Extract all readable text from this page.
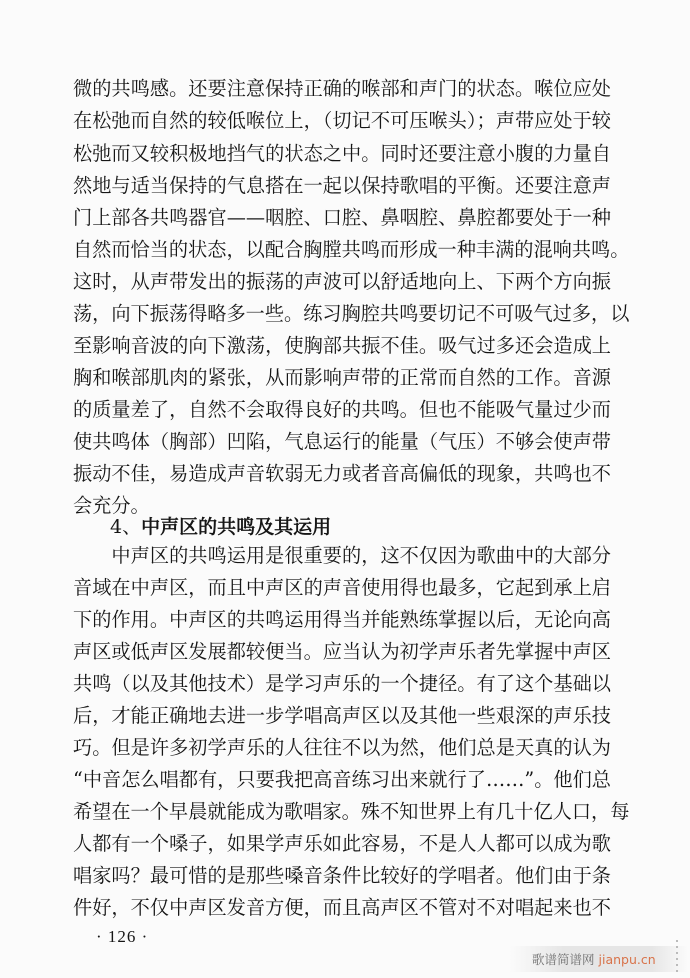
微的共鸣感。还要注意保持正确的喉部和声门的状态。喉位应处
在松弛而自然的较低喉位上，（切记不可压喉头）；声带应处于较
松弛而又较积极地挡气的状态之中。同时还要注意小腹的力量自
然地与适当保持的气息搭在一起以保持歌唱的平衡。还要注意声
门上部各共鸣器官——咽腔、口腔、鼻咽腔、鼻腔都要处于一种
自然而恰当的状态，以配合胸膛共鸣而形成一种丰满的混响共鸣。
这时，从声带发出的振荡的声波可以舒适地向上、下两个方向振
荡，向下振荡得略多一些。练习胸腔共鸣要切记不可吸气过多，以
至影响音波的向下激荡，使胸部共振不佳。吸气过多还会造成上
胸和喉部肌肉的紧张，从而影响声带的正常而自然的工作。音源
的质量差了，自然不会取得良好的共鸣。但也不能吸气量过少而
使共鸣体（胸部）凹陷，气息运行的能量（气压）不够会使声带
振动不佳，易造成声音软弱无力或者音高偏低的现象，共鸣也不
会充分。
4、中声区的共鸣及其运用
　　中声区的共鸣运用是很重要的，这不仅因为歌曲中的大部分
音域在中声区，而且中声区的声音使用得也最多，它起到承上启
下的作用。中声区的共鸣运用得当并能熟练掌握以后，无论向高
声区或低声区发展都较便当。应当认为初学声乐者先掌握中声区
共鸣（以及其他技术）是学习声乐的一个捷径。有了这个基础以
后，才能正确地去进一步学唱高声区以及其他一些艰深的声乐技
巧。但是许多初学声乐的人往往不以为然，他们总是天真的认为
“中音怎么唱都有，只要我把高音练习出来就行了……”。他们总
希望在一个早晨就能成为歌唱家。殊不知世界上有几十亿人口，每
人都有一个嗓子，如果学声乐如此容易，不是人人都可以成为歌
唱家吗？最可惜的是那些嗓音条件比较好的学唱者。他们由于条
件好，不仅中声区发音方便，而且高声区不管对不对唱起来也不
· 126 ·
歌谱简谱网 jianpu.cn
